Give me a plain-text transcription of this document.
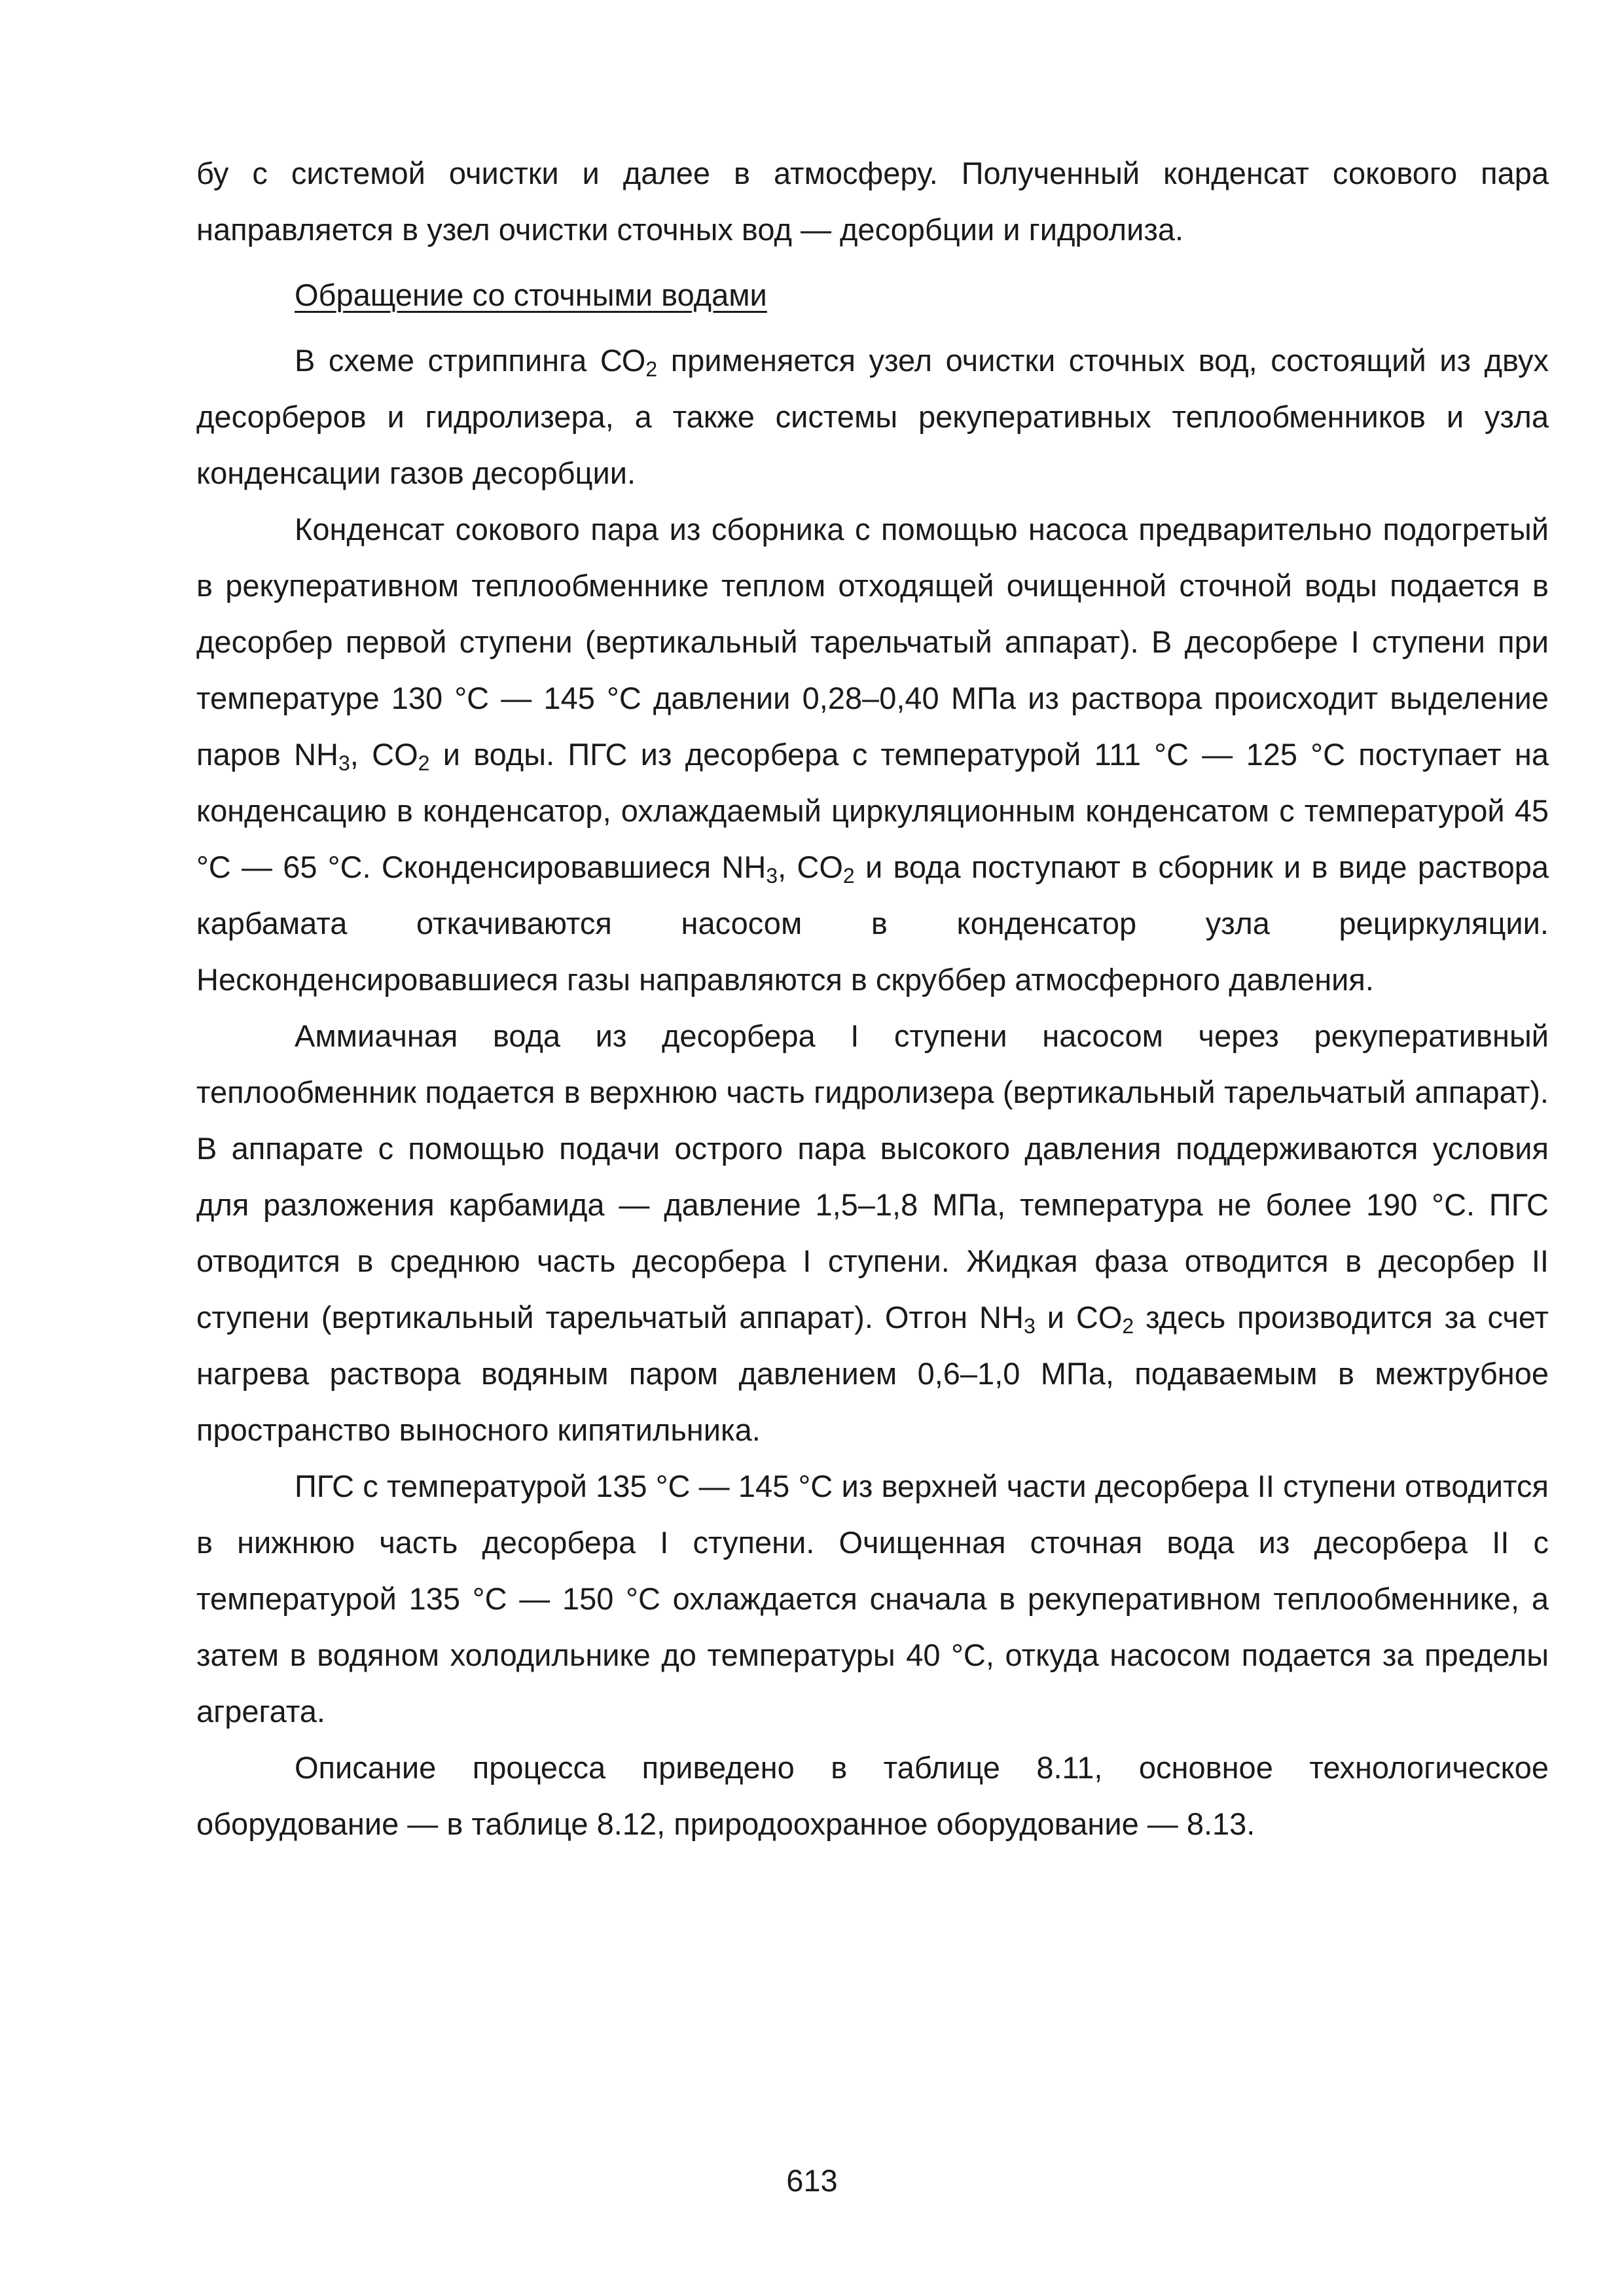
бу с системой очистки и далее в атмосферу. Полученный конденсат сокового пара направляется в узел очистки сточных вод — десорбции и гидролиза.

Обращение со сточными водами

В схеме стриппинга $СО_2$ применяется узел очистки сточных вод, состоящий из двух десорберов и гидролизера, а также системы рекуперативных теплообменников и узла конденсации газов десорбции.

Конденсат сокового пара из сборника с помощью насоса предварительно подогретый в рекуперативном теплообменнике теплом отходящей очищенной сточной воды подается в десорбер первой ступени (вертикальный тарельчатый аппарат). В десорбере I ступени при температуре 130 °С — 145 °С давлении 0,28–0,40 МПа из раствора происходит выделение паров $NH_3$, $CO_2$ и воды. ПГС из десорбера с температурой 111 °С — 125 °С поступает на конденсацию в конденсатор, охлаждаемый циркуляционным конденсатом с температурой 45 °С — 65 °С. Сконденсировавшиеся $NH_3$, $CO_2$ и вода поступают в сборник и в виде раствора карбамата откачиваются насосом в конденсатор узла рециркуляции. Несконденсировавшиеся газы направляются в скруббер атмосферного давления.

Аммиачная вода из десорбера I ступени насосом через рекуперативный теплообменник подается в верхнюю часть гидролизера (вертикальный тарельчатый аппарат). В аппарате с помощью подачи острого пара высокого давления поддерживаются условия для разложения карбамида — давление 1,5–1,8 МПа, температура не более 190 °С. ПГС отводится в среднюю часть десорбера I ступени. Жидкая фаза отводится в десорбер II ступени (вертикальный тарельчатый аппарат). Отгон $NH_3$ и $CO_2$ здесь производится за счет нагрева раствора водяным паром давлением 0,6–1,0 МПа, подаваемым в межтрубное пространство выносного кипятильника.

ПГС с температурой 135 °С — 145 °С из верхней части десорбера II ступени отводится в нижнюю часть десорбера I ступени. Очищенная сточная вода из десорбера II с температурой 135 °С — 150 °С охлаждается сначала в рекуперативном теплообменнике, а затем в водяном холодильнике до температуры 40 °С, откуда насосом подается за пределы агрегата.

Описание процесса приведено в таблице 8.11, основное технологическое оборудование — в таблице 8.12, природоохранное оборудование — 8.13.

613
